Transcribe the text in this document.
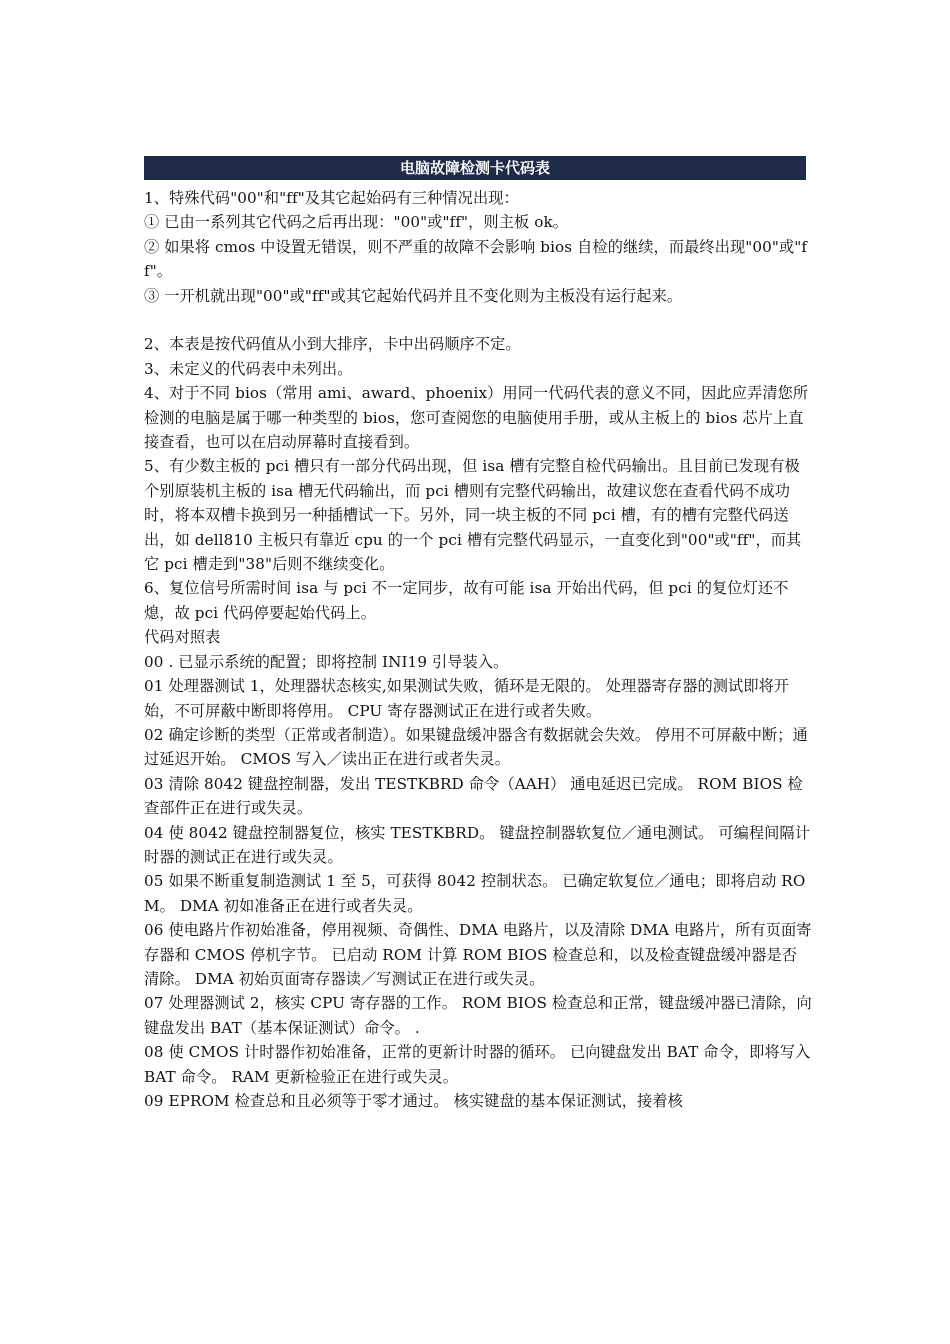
电脑故障检测卡代码表

1、特殊代码"00"和"ff"及其它起始码有三种情况出现：

① 已由一系列其它代码之后再出现："00"或"ff"，则主板 ok。

② 如果将 cmos 中设置无错误，则不严重的故障不会影响 bios 自检的继续，而最终出现"00"或"ff"。

③ 一开机就出现"00"或"ff"或其它起始代码并且不变化则为主板没有运行起来。

2、本表是按代码值从小到大排序，卡中出码顺序不定。

3、未定义的代码表中未列出。

4、对于不同 bios（常用 ami、award、phoenix）用同一代码代表的意义不同，因此应弄清您所检测的电脑是属于哪一种类型的 bios，您可查阅您的电脑使用手册，或从主板上的 bios 芯片上直接查看，也可以在启动屏幕时直接看到。

5、有少数主板的 pci 槽只有一部分代码出现，但 isa 槽有完整自检代码输出。且目前已发现有极个别原装机主板的 isa 槽无代码输出，而 pci 槽则有完整代码输出，故建议您在查看代码不成功时，将本双槽卡换到另一种插槽试一下。另外，同一块主板的不同 pci 槽，有的槽有完整代码送出，如 dell810 主板只有靠近 cpu 的一个 pci 槽有完整代码显示，一直变化到"00"或"ff"，而其它 pci 槽走到"38"后则不继续变化。

6、复位信号所需时间 isa 与 pci 不一定同步，故有可能 isa 开始出代码，但 pci 的复位灯还不熄，故 pci 代码停要起始代码上。

代码对照表

00 . 已显示系统的配置；即将控制 INI19 引导装入。

01 处理器测试 1，处理器状态核实,如果测试失败，循环是无限的。 处理器寄存器的测试即将开始，不可屏蔽中断即将停用。 CPU 寄存器测试正在进行或者失败。

02 确定诊断的类型（正常或者制造）。如果键盘缓冲器含有数据就会失效。 停用不可屏蔽中断；通过延迟开始。 CMOS 写入／读出正在进行或者失灵。

03 清除 8042 键盘控制器，发出 TESTKBRD 命令（AAH） 通电延迟已完成。 ROM BIOS 检查部件正在进行或失灵。

04 使 8042 键盘控制器复位，核实 TESTKBRD。 键盘控制器软复位／通电测试。 可编程间隔计时器的测试正在进行或失灵。

05 如果不断重复制造测试 1 至 5，可获得 8042 控制状态。 已确定软复位／通电；即将启动 ROM。 DMA 初如准备正在进行或者失灵。

06 使电路片作初始准备，停用视频、奇偶性、DMA 电路片，以及清除 DMA 电路片，所有页面寄存器和 CMOS 停机字节。 已启动 ROM 计算 ROM BIOS 检查总和，以及检查键盘缓冲器是否清除。 DMA 初始页面寄存器读／写测试正在进行或失灵。

07 处理器测试 2，核实 CPU 寄存器的工作。 ROM BIOS 检查总和正常，键盘缓冲器已清除，向键盘发出 BAT（基本保证测试）命令。 .

08 使 CMOS 计时器作初始准备，正常的更新计时器的循环。 已向键盘发出 BAT 命令，即将写入 BAT 命令。 RAM 更新检验正在进行或失灵。

09 EPROM 检查总和且必须等于零才通过。 核实键盘的基本保证测试，接着核
